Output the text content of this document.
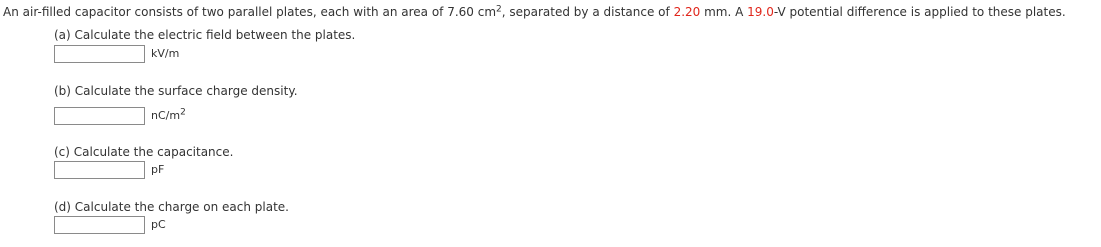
An air-filled capacitor consists of two parallel plates, each with an area of 7.60 $cm^2$, separated by a distance of 2.20 mm. A 19.0-V potential difference is applied to these plates.
(a) Calculate the electric field between the plates.
kV/m
(b) Calculate the surface charge density.
$nC/m^2$
(c) Calculate the capacitance.
pF
(d) Calculate the charge on each plate.
pC
